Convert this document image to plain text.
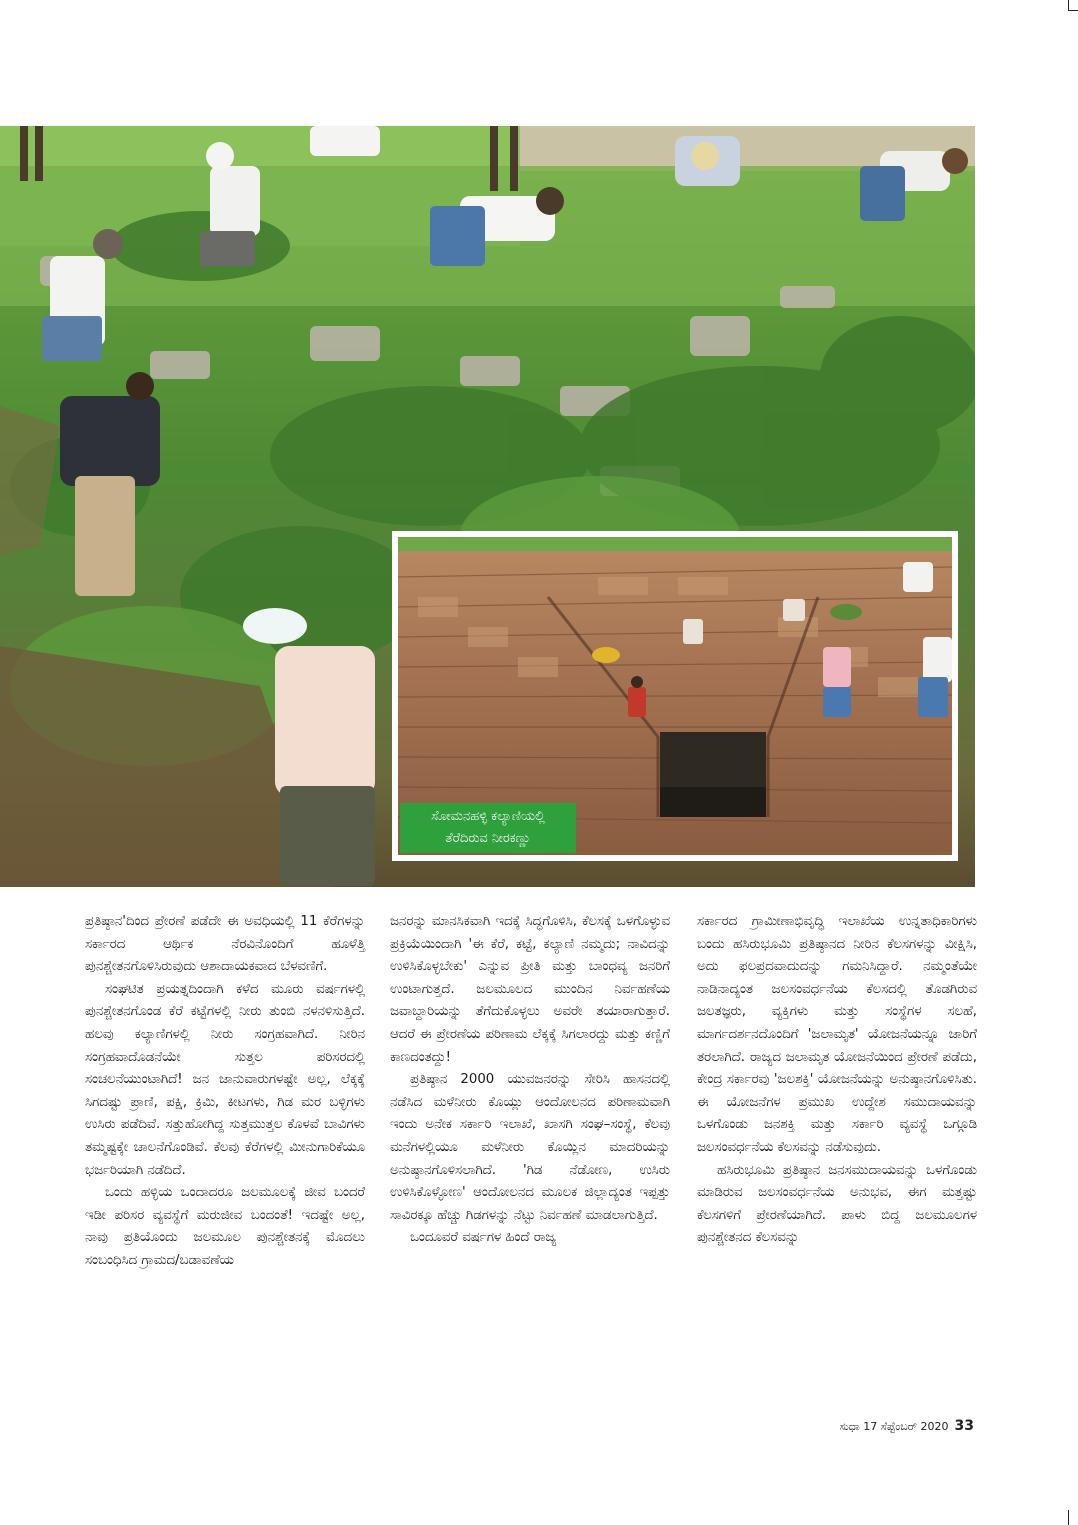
ಸೋಮನಹಳ್ಳಿ ಕಲ್ಯಾಣಿಯಲ್ಲಿ
ತೆರೆದಿರುವ ನೀರಕಣ್ಣು

ಪ್ರತಿಷ್ಠಾನ'ದಿಂದ ಪ್ರೇರಣೆ ಪಡೆದೇ ಈ ಅವಧಿಯಲ್ಲಿ 11 ಕೆರೆಗಳನ್ನು ಸರ್ಕಾರದ ಆರ್ಥಿಕ ನೆರವಿನೊಂದಿಗೆ ಹೂಳೆತ್ತಿ ಪುನಶ್ಚೇತನಗೊಳಿಸಿರುವುದು ಆಶಾದಾಯಕವಾದ ಬೆಳವಣಿಗೆ.

ಸಂಘಟಿತ ಪ್ರಯತ್ನದಿಂದಾಗಿ ಕಳೆದ ಮೂರು ವರ್ಷಗಳಲ್ಲಿ ಪುನಶ್ಚೇತನಗೊಂಡ ಕೆರೆ ಕಟ್ಟೆಗಳಲ್ಲಿ ನೀರು ತುಂಬಿ ನಳನಳಿಸುತ್ತಿದೆ. ಹಲವು ಕಲ್ಯಾಣಿಗಳಲ್ಲಿ ನೀರು ಸಂಗ್ರಹವಾಗಿದೆ. ನೀರಿನ ಸಂಗ್ರಹವಾದೊಡನೆಯೇ ಸುತ್ತಲ ಪರಿಸರದಲ್ಲಿ ಸಂಚಲನೆಯುಂಟಾಗಿದೆ! ಜನ ಜಾನುವಾರುಗಳಷ್ಟೇ ಅಲ್ಲ, ಲೆಕ್ಕಕ್ಕೆ ಸಿಗದಷ್ಟು ಪ್ರಾಣಿ, ಪಕ್ಷಿ, ಕ್ರಿಮಿ, ಕೀಟಗಳು, ಗಿಡ ಮರ ಬಳ್ಳಿಗಳು ಉಸಿರು ಪಡೆದಿವೆ. ಸತ್ತುಹೋಗಿದ್ದ ಸುತ್ತಮುತ್ತಲ ಕೊಳವೆ ಬಾವಿಗಳು ತಮ್ಮಷ್ಟಕ್ಕೇ ಚಾಲನೆಗೊಂಡಿವೆ. ಕೆಲವು ಕೆರೆಗಳಲ್ಲಿ ಮೀನುಗಾರಿಕೆಯೂ ಭರ್ಜರಿಯಾಗಿ ನಡೆದಿದೆ.

ಒಂದು ಹಳ್ಳಿಯ ಒಂದಾದರೂ ಜಲಮೂಲಕ್ಕೆ ಜೀವ ಬಂದರೆ ಇಡೀ ಪರಿಸರ ವ್ಯವಸ್ಥೆಗೆ ಮರುಜೀವ ಬಂದಂತೆ! ಇದಷ್ಟೇ ಅಲ್ಲ, ನಾವು ಪ್ರತಿಯೊಂದು ಜಲಮೂಲ ಪುನಶ್ಚೇತನಕ್ಕೆ ಮೊದಲು ಸಂಬಂಧಿಸಿದ ಗ್ರಾಮದ/ಬಡಾವಣೆಯ

ಜನರನ್ನು ಮಾನಸಿಕವಾಗಿ ಇದಕ್ಕೆ ಸಿದ್ಧಗೊಳಿಸಿ, ಕೆಲಸಕ್ಕೆ ಒಳಗೊಳ್ಳುವ ಪ್ರಕ್ರಿಯೆಯಿಂದಾಗಿ 'ಈ ಕೆರೆ, ಕಟ್ಟೆ, ಕಲ್ಯಾಣಿ ನಮ್ಮದು; ನಾವಿದನ್ನು ಉಳಿಸಿಕೊಳ್ಳಬೇಕು' ಎನ್ನುವ ಪ್ರೀತಿ ಮತ್ತು ಬಾಂಧವ್ಯ ಜನರಿಗೆ ಉಂಟಾಗುತ್ತದೆ. ಜಲಮೂಲದ ಮುಂದಿನ ನಿರ್ವಹಣೆಯ ಜವಾಬ್ದಾರಿಯನ್ನು ತೆಗೆದುಕೊಳ್ಳಲು ಅವರೇ ತಯಾರಾಗುತ್ತಾರೆ. ಆದರೆ ಈ ಪ್ರೇರಣೆಯ ಪರಿಣಾಮ ಲೆಕ್ಕಕ್ಕೆ ಸಿಗಲಾರದ್ದು ಮತ್ತು ಕಣ್ಣಿಗೆ ಕಾಣದಂತದ್ದು!

ಪ್ರತಿಷ್ಠಾನ 2000 ಯುವಜನರನ್ನು ಸೇರಿಸಿ ಹಾಸನದಲ್ಲಿ ನಡೆಸಿದ ಮಳೆನೀರು ಕೊಯ್ಲು ಆಂದೋಲನದ ಪರಿಣಾಮವಾಗಿ ಇಂದು ಅನೇಕ ಸರ್ಕಾರಿ ಇಲಾಖೆ, ಖಾಸಗಿ ಸಂಘ–ಸಂಸ್ಥೆ, ಕೆಲವು ಮನೆಗಳಲ್ಲಿಯೂ ಮಳೆನೀರು ಕೊಯ್ಲಿನ ಮಾದರಿಯನ್ನು ಅನುಷ್ಠಾನಗೊಳಿಸಲಾಗಿದೆ. 'ಗಿಡ ನೆಡೋಣ, ಉಸಿರು ಉಳಿಸಿಕೊಳ್ಳೋಣ' ಆಂದೋಲನದ ಮೂಲಕ ಜಿಲ್ಲಾದ್ಯಂತ ಇಪ್ಪತ್ತು ಸಾವಿರಕ್ಕೂ ಹೆಚ್ಚು ಗಿಡಗಳನ್ನು ನೆಟ್ಟು ನಿರ್ವಹಣೆ ಮಾಡಲಾಗುತ್ತಿದೆ.

ಒಂದೂವರೆ ವರ್ಷಗಳ ಹಿಂದೆ ರಾಜ್ಯ

ಸರ್ಕಾರದ ಗ್ರಾಮೀಣಾಭಿವೃದ್ಧಿ ಇಲಾಖೆಯ ಉನ್ನತಾಧಿಕಾರಿಗಳು ಬಂದು ಹಸಿರುಭೂಮಿ ಪ್ರತಿಷ್ಠಾನದ ನೀರಿನ ಕೆಲಸಗಳನ್ನು ವೀಕ್ಷಿಸಿ, ಅದು ಫಲಪ್ರದವಾದುದನ್ನು ಗಮನಿಸಿದ್ದಾರೆ. ನಮ್ಮಂತೆಯೇ ನಾಡಿನಾದ್ಯಂತ ಜಲಸಂವರ್ಧನೆಯ ಕೆಲಸದಲ್ಲಿ ತೊಡಗಿರುವ ಜಲತಜ್ಞರು, ವ್ಯಕ್ತಿಗಳು ಮತ್ತು ಸಂಸ್ಥೆಗಳ ಸಲಹೆ, ಮಾರ್ಗದರ್ಶನದೊಂದಿಗೆ 'ಜಲಾಮೃತ' ಯೋಜನೆಯನ್ನೂ ಜಾರಿಗೆ ತರಲಾಗಿದೆ. ರಾಜ್ಯದ ಜಲಾಮೃತ ಯೋಜನೆಯಿಂದ ಪ್ರೇರಣೆ ಪಡೆದು, ಕೇಂದ್ರ ಸರ್ಕಾರವು 'ಜಲಶಕ್ತಿ' ಯೋಜನೆಯನ್ನು ಅನುಷ್ಠಾನಗೊಳಿಸಿತು. ಈ ಯೋಜನೆಗಳ ಪ್ರಮುಖ ಉದ್ದೇಶ ಸಮುದಾಯವನ್ನು ಒಳಗೊಂಡು ಜನಶಕ್ತಿ ಮತ್ತು ಸರ್ಕಾರಿ ವ್ಯವಸ್ಥೆ ಒಗ್ಗೂಡಿ ಜಲಸಂವರ್ಧನೆಯ ಕೆಲಸವನ್ನು ನಡೆಸುವುದು.

ಹಸಿರುಭೂಮಿ ಪ್ರತಿಷ್ಠಾನ ಜನಸಮುದಾಯವನ್ನು ಒಳಗೊಂಡು ಮಾಡಿರುವ ಜಲಸಂವರ್ಧನೆಯ ಅನುಭವ, ಈಗ ಮತ್ತಷ್ಟು ಕೆಲಸಗಳಿಗೆ ಪ್ರೇರಣೆಯಾಗಿದೆ. ಪಾಳು ಬಿದ್ದ ಜಲಮೂಲಗಳ ಪುನಶ್ಚೇತನದ ಕೆಲಸವನ್ನು

ಸುಧಾ 17 ಸೆಪ್ಟೆಂಬರ್ 2020 33
